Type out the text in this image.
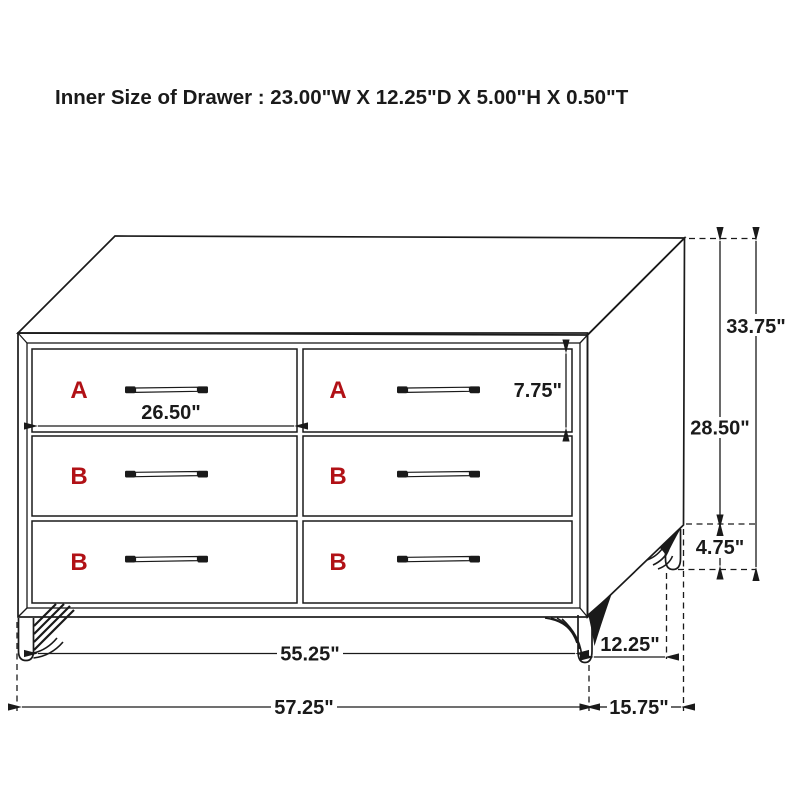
Inner Size of Drawer : 23.00"W X 12.25"D X 5.00"H X 0.50"T
A	A
B	B
B	B
26.50"
7.75"
28.50"
33.75"
4.75"
55.25"	12.25"
57.25"	15.75"
